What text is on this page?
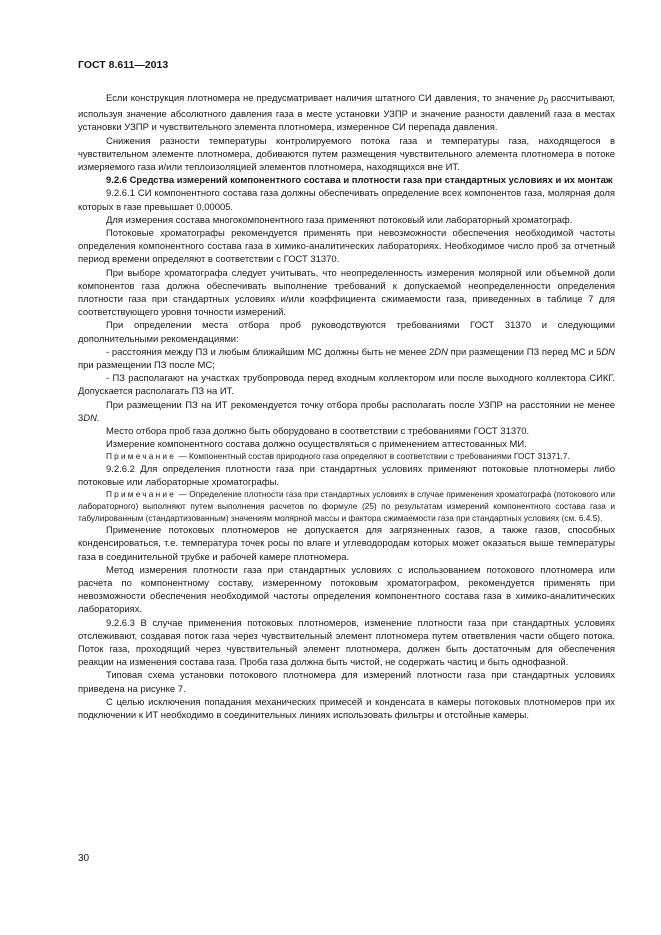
ГОСТ 8.611—2013

Если конструкция плотномера не предусматривает наличия штатного СИ давления, то значение $p_0$ рассчитывают, используя значение абсолютного давления газа в месте установки УЗПР и значение разности давлений газа в местах установки УЗПР и чувствительного элемента плотномера, измеренное СИ перепада давления.

Снижения разности температуры контролируемого потока газа и температуры газа, находящегося в чувствительном элементе плотномера, добиваются путем размещения чувствительного элемента плотномера в потоке измеряемого газа и/или теплоизоляцией элементов плотномера, находящихся вне ИТ.

9.2.6 Средства измерений компонентного состава и плотности газа при стандартных условиях и их монтаж

9.2.6.1 СИ компонентного состава газа должны обеспечивать определение всех компонентов газа, молярная доля которых в газе превышает 0,00005.

Для измерения состава многокомпонентного газа применяют потоковый или лабораторный хроматограф.

Потоковые хроматографы рекомендуется применять при невозможности обеспечения необходимой частоты определения компонентного состава газа в химико-аналитических лабораториях. Необходимое число проб за отчетный период времени определяют в соответствии с ГОСТ 31370.

При выборе хроматографа следует учитывать, что неопределенность измерения молярной или объемной доли компонентов газа должна обеспечивать выполнение требований к допускаемой неопределенности определения плотности газа при стандартных условиях и/или коэффициента сжимаемости газа, приведенных в таблице 7 для соответствующего уровня точности измерений.

При определении места отбора проб руководствуются требованиями ГОСТ 31370 и следующими дополнительными рекомендациями:

- расстояния между ПЗ и любым ближайшим МС должны быть не менее 2DN при размещении ПЗ перед МС и 5DN при размещении ПЗ после МС;

- ПЗ располагают на участках трубопровода перед входным коллектором или после выходного коллектора СИКГ. Допускается располагать ПЗ на ИТ.

При размещении ПЗ на ИТ рекомендуется точку отбора пробы располагать после УЗПР на расстоянии не менее 3DN.

Место отбора проб газа должно быть оборудовано в соответствии с требованиями ГОСТ 31370.

Измерение компонентного состава должно осуществляться с применением аттестованных МИ.

Примечание — Компонентный состав природного газа определяют в соответствии с требованиями ГОСТ 31371.7.

9.2.6.2 Для определения плотности газа при стандартных условиях применяют потоковые плотномеры либо потоковые или лабораторные хроматографы.

Примечание — Определение плотности газа при стандартных условиях в случае применения хроматографа (потокового или лабораторного) выполняют путем выполнения расчетов по формуле (25) по результатам измерений компонентного состава газа и табулированным (стандартизованным) значениям молярной массы и фактора сжимаемости газа при стандартных условиях (см. 6.4.5).

Применение потоковых плотномеров не допускается для загрязненных газов, а также газов, способных конденсироваться, т.е. температура точек росы по влаге и углеводородам которых может оказаться выше температуры газа в соединительной трубке и рабочей камере плотномера.

Метод измерения плотности газа при стандартных условиях с использованием потокового плотномера или расчета по компонентному составу, измеренному потоковым хроматографом, рекомендуется применять при невозможности обеспечения необходимой частоты определения компонентного состава газа в химико-аналитических лабораториях.

9.2.6.3 В случае применения потоковых плотномеров, изменение плотности газа при стандартных условиях отслеживают, создавая поток газа через чувствительный элемент плотномера путем ответвления части общего потока. Поток газа, проходящий через чувствительный элемент плотномера, должен быть достаточным для обеспечения реакции на изменения состава газа. Проба газа должна быть чистой, не содержать частиц и быть однофазной.

Типовая схема установки потокового плотномера для измерений плотности газа при стандартных условиях приведена на рисунке 7.

С целью исключения попадания механических примесей и конденсата в камеры потоковых плотномеров при их подключении к ИТ необходимо в соединительных линиях использовать фильтры и отстойные камеры.

30
